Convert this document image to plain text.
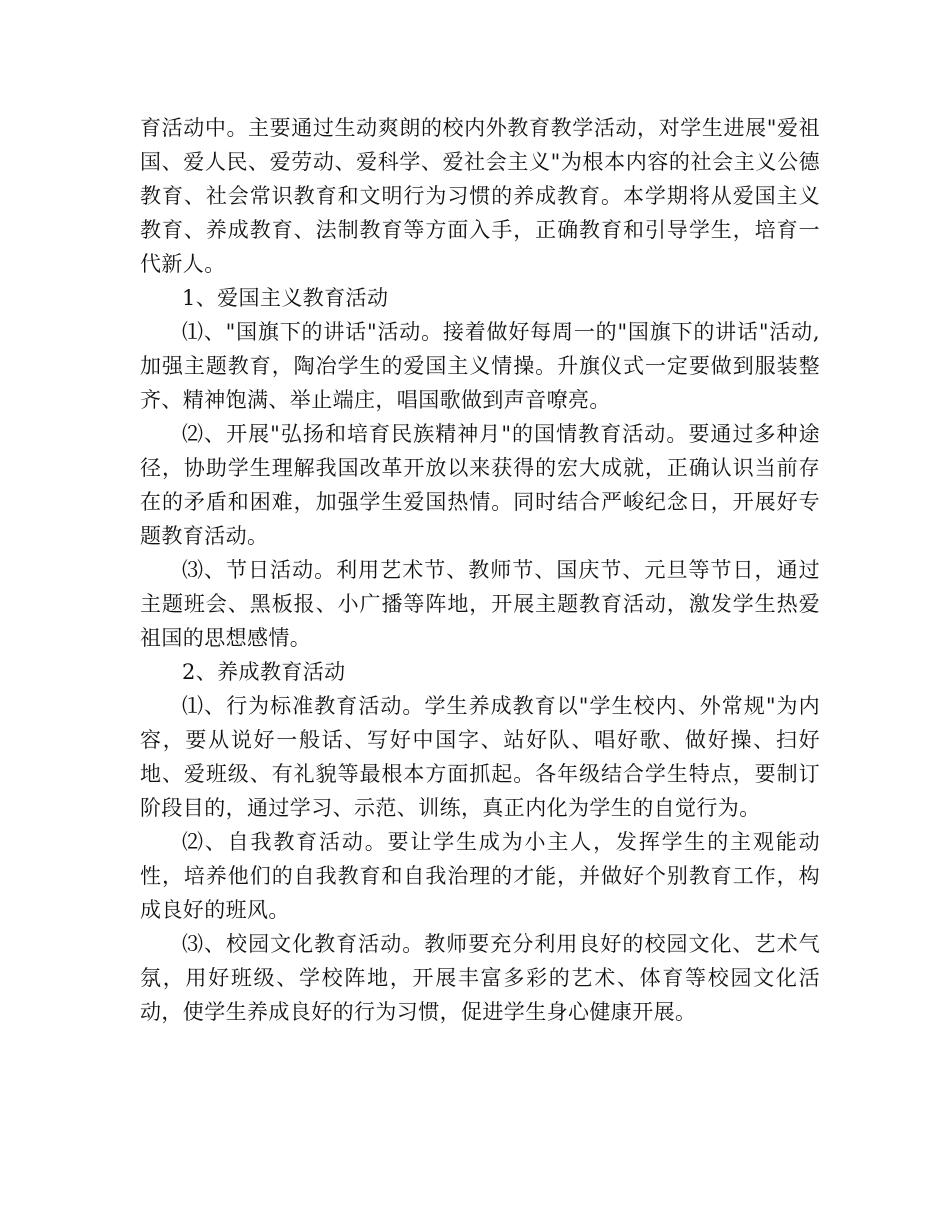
育活动中。主要通过生动爽朗的校内外教育教学活动，对学生进展"爱祖国、爱人民、爱劳动、爱科学、爱社会主义"为根本内容的社会主义公德教育、社会常识教育和文明行为习惯的养成教育。本学期将从爱国主义教育、养成教育、法制教育等方面入手，正确教育和引导学生，培育一代新人。

1、爱国主义教育活动

⑴、"国旗下的讲话"活动。接着做好每周一的"国旗下的讲话"活动,加强主题教育，陶冶学生的爱国主义情操。升旗仪式一定要做到服装整齐、精神饱满、举止端庄，唱国歌做到声音嘹亮。

⑵、开展"弘扬和培育民族精神月"的国情教育活动。要通过多种途径，协助学生理解我国改革开放以来获得的宏大成就，正确认识当前存在的矛盾和困难，加强学生爱国热情。同时结合严峻纪念日，开展好专题教育活动。

⑶、节日活动。利用艺术节、教师节、国庆节、元旦等节日，通过主题班会、黑板报、小广播等阵地，开展主题教育活动，激发学生热爱祖国的思想感情。

2、养成教育活动

⑴、行为标准教育活动。学生养成教育以"学生校内、外常规"为内容，要从说好一般话、写好中国字、站好队、唱好歌、做好操、扫好地、爱班级、有礼貌等最根本方面抓起。各年级结合学生特点，要制订阶段目的，通过学习、示范、训练，真正内化为学生的自觉行为。

⑵、自我教育活动。要让学生成为小主人，发挥学生的主观能动性，培养他们的自我教育和自我治理的才能，并做好个别教育工作，构成良好的班风。

⑶、校园文化教育活动。教师要充分利用良好的校园文化、艺术气氛，用好班级、学校阵地，开展丰富多彩的艺术、体育等校园文化活动，使学生养成良好的行为习惯，促进学生身心健康开展。
